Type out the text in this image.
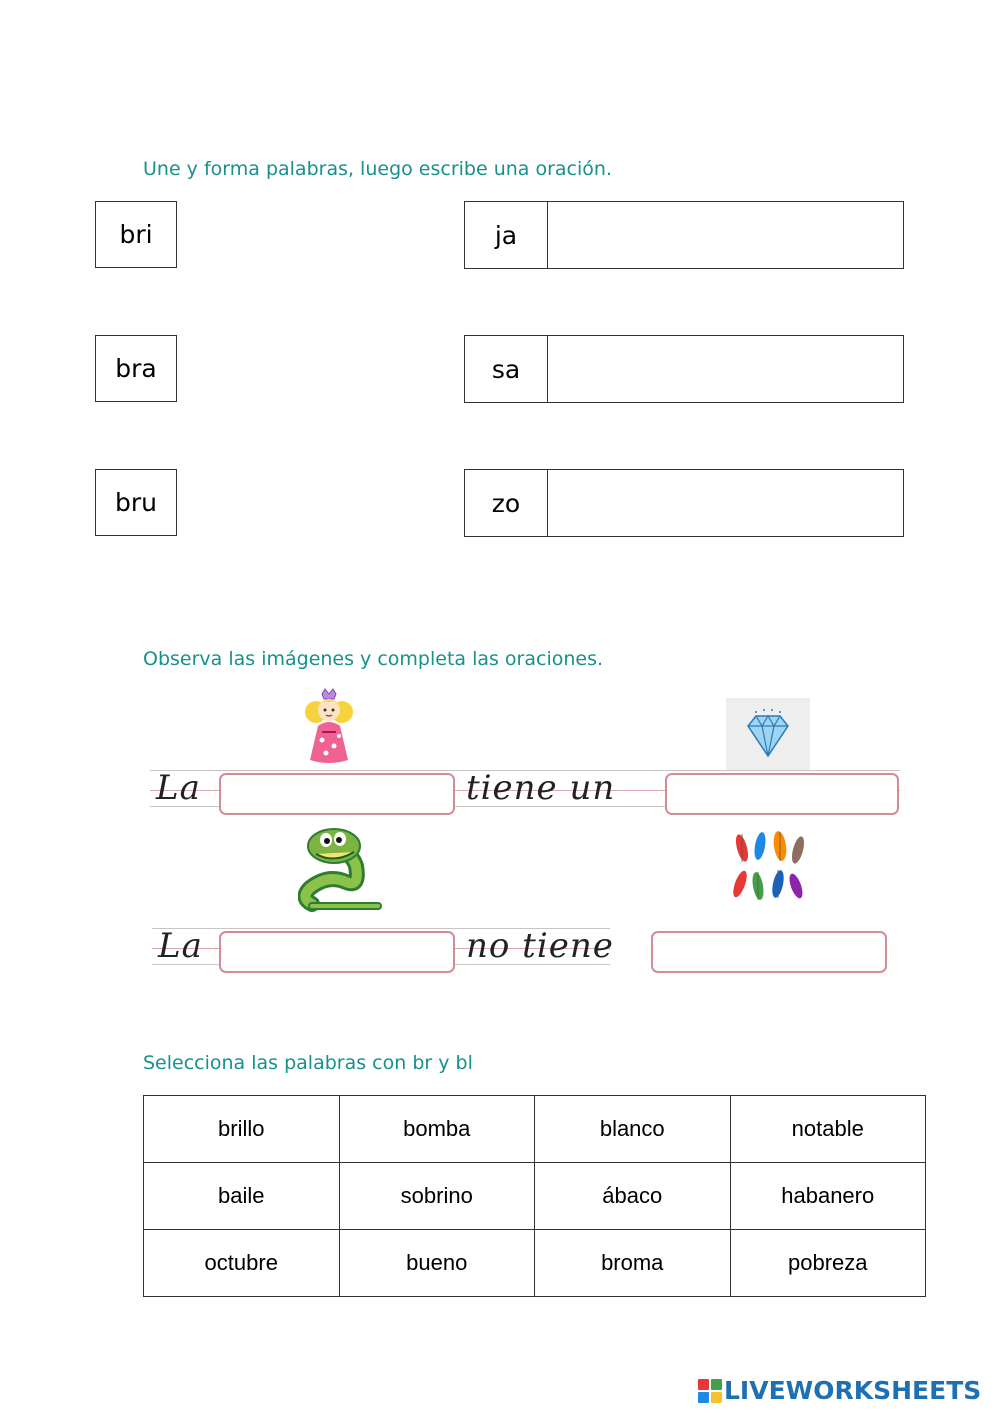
Une y forma palabras, luego escribe una oración.
bri
bra
bru
ja
sa
zo
Observa las imágenes y completa las oraciones.
La	tiene un
La	no tiene
Selecciona las palabras con br y bl
brillo	bomba	blanco	notable
baile	sobrino	ábaco	habanero
octubre	bueno	broma	pobreza
LIVEWORKSHEETS
